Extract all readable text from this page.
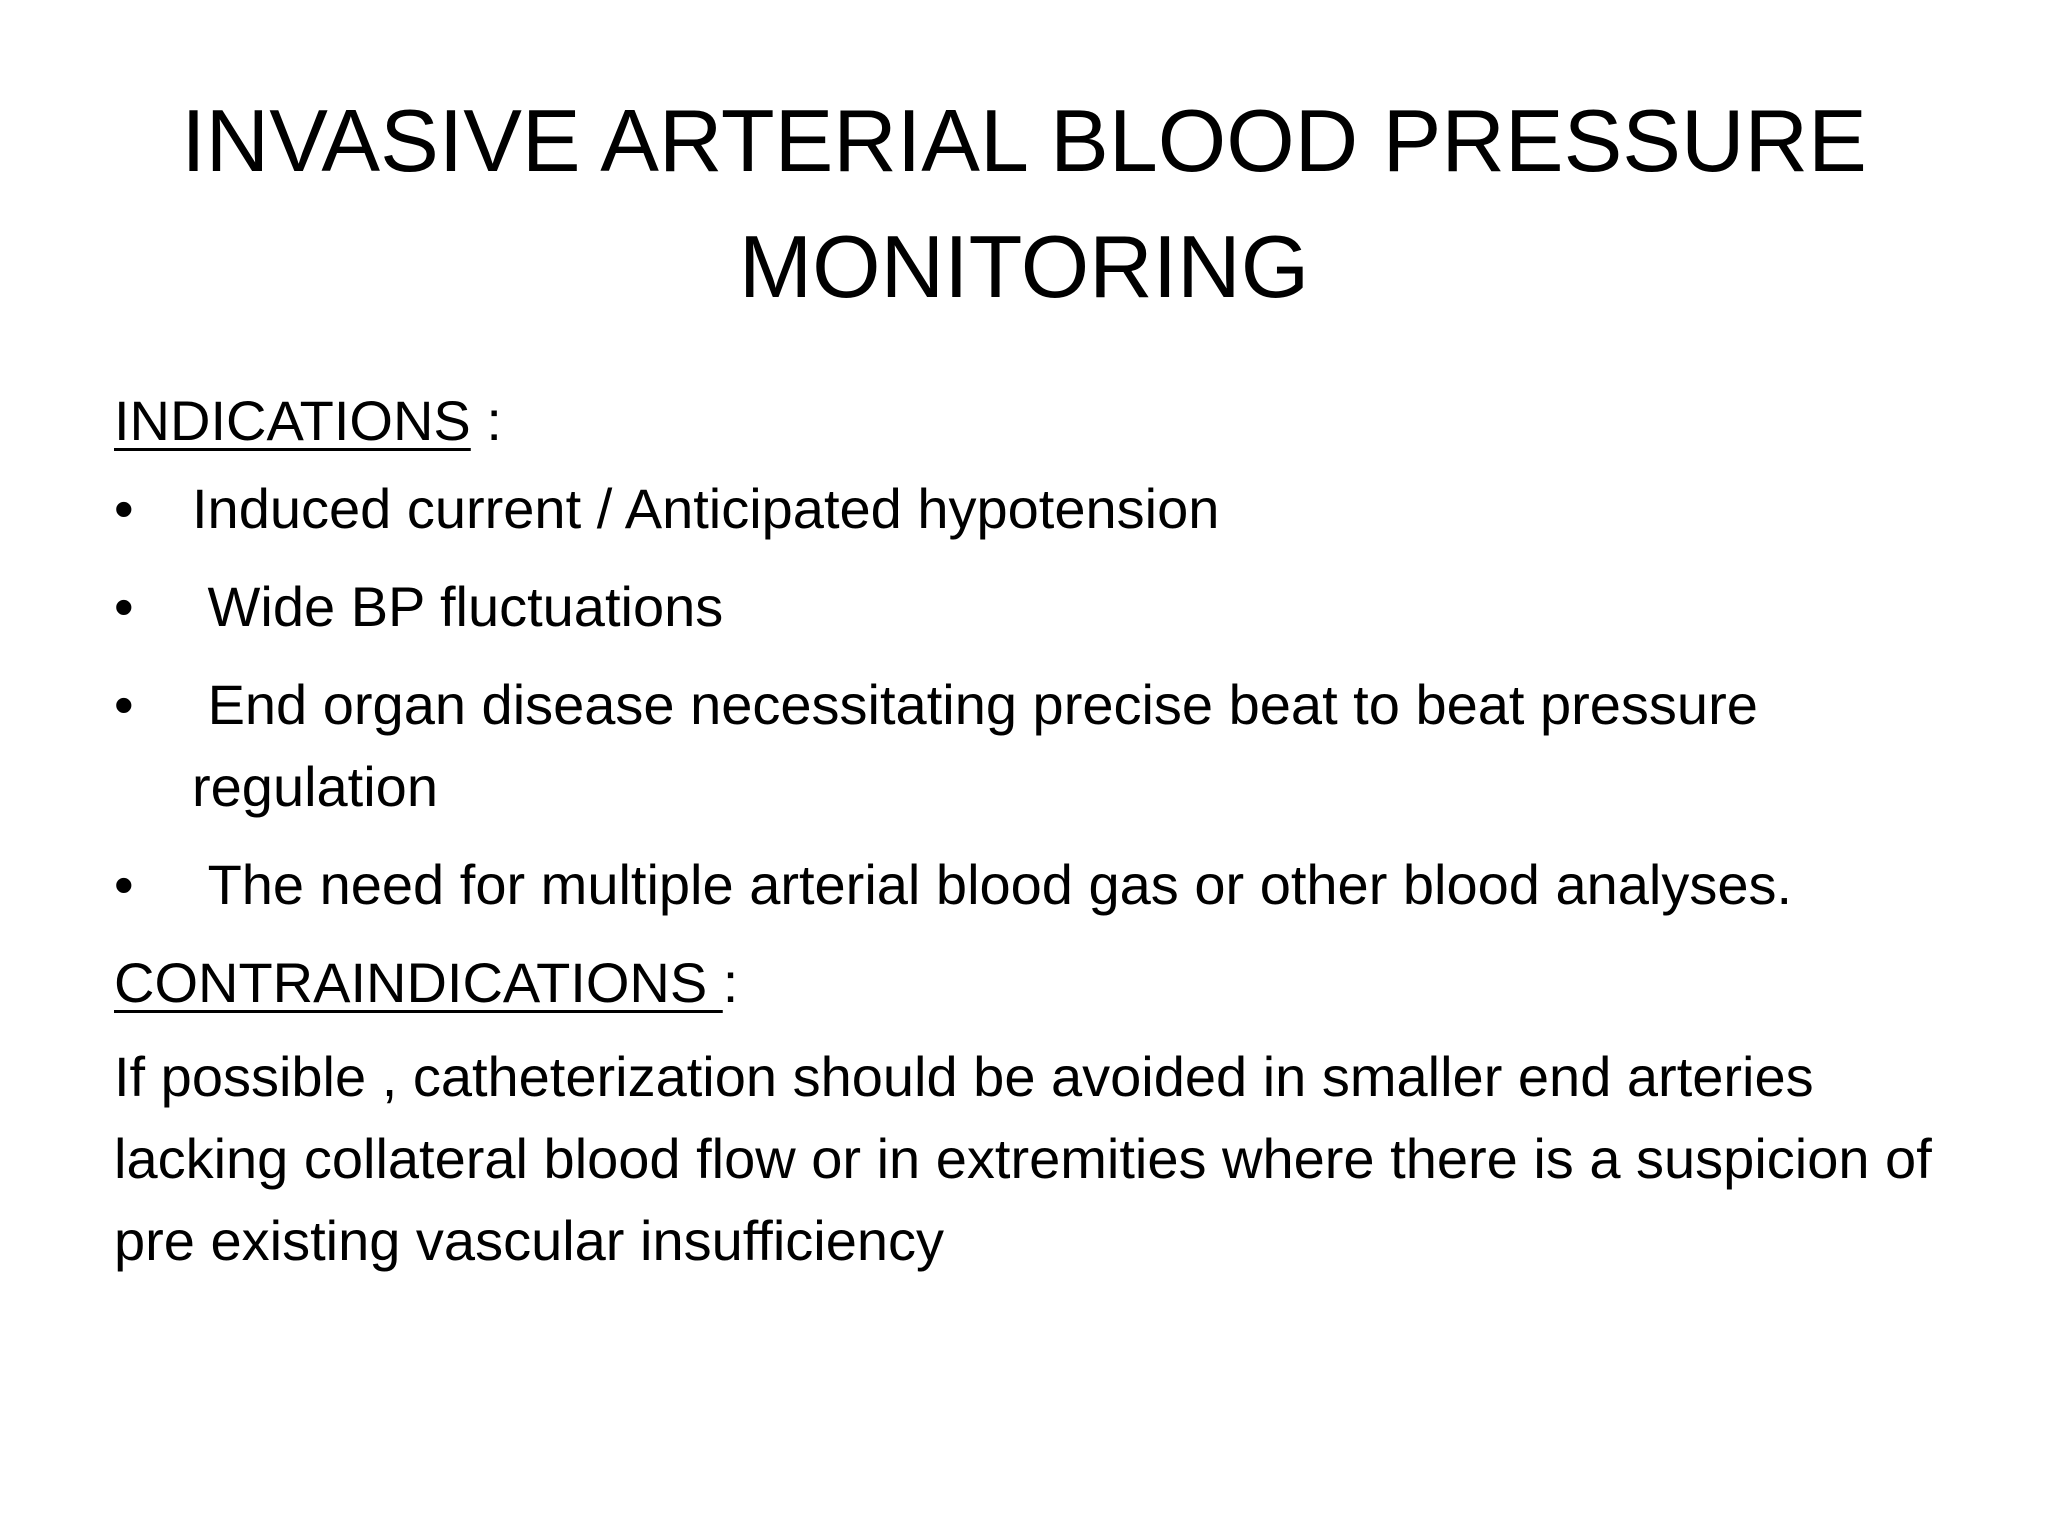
INVASIVE ARTERIAL BLOOD PRESSURE
MONITORING

INDICATIONS :

•	Induced current / Anticipated hypotension
•	Wide BP fluctuations
•	End organ disease necessitating precise beat to beat pressure regulation
•	The need for multiple arterial blood gas or other blood analyses.

CONTRAINDICATIONS :

If possible , catheterization should be avoided in smaller end arteries lacking collateral blood flow or in extremities where there is a suspicion of pre existing vascular insufficiency
